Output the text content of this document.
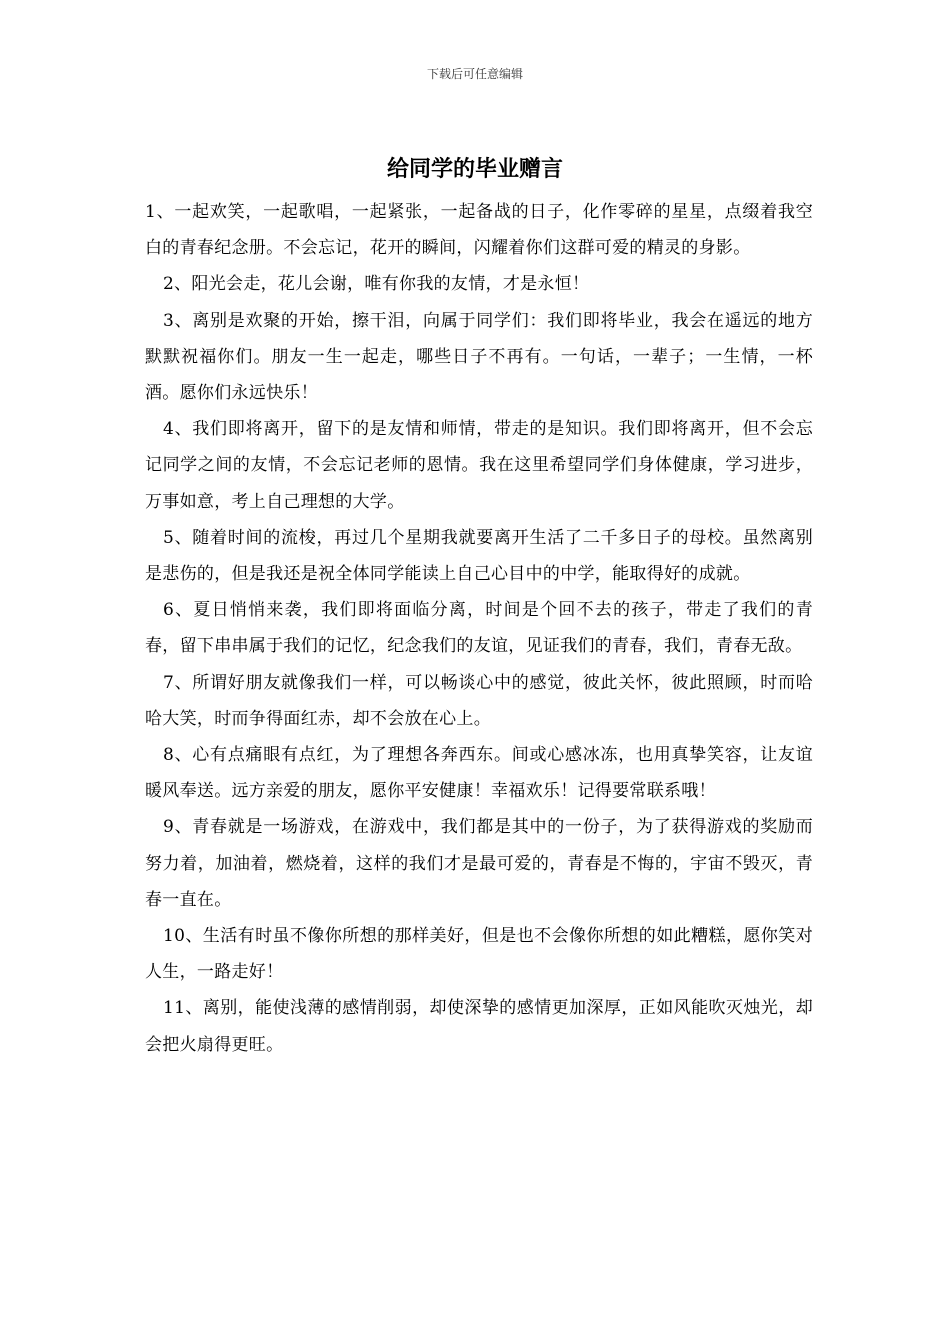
下载后可任意编辑
给同学的毕业赠言

1、一起欢笑，一起歌唱，一起紧张，一起备战的日子，化作零碎的星星，点缀着我空白的青春纪念册。不会忘记，花开的瞬间，闪耀着你们这群可爱的精灵的身影。

2、阳光会走，花儿会谢，唯有你我的友情，才是永恒！

3、离别是欢聚的开始，擦干泪，向属于同学们：我们即将毕业，我会在遥远的地方默默祝福你们。朋友一生一起走，哪些日子不再有。一句话，一辈子；一生情，一杯酒。愿你们永远快乐！

4、我们即将离开，留下的是友情和师情，带走的是知识。我们即将离开，但不会忘记同学之间的友情，不会忘记老师的恩情。我在这里希望同学们身体健康，学习进步，万事如意，考上自己理想的大学。

5、随着时间的流梭，再过几个星期我就要离开生活了二千多日子的母校。虽然离别是悲伤的，但是我还是祝全体同学能读上自己心目中的中学，能取得好的成就。

6、夏日悄悄来袭，我们即将面临分离，时间是个回不去的孩子，带走了我们的青春，留下串串属于我们的记忆，纪念我们的友谊，见证我们的青春，我们，青春无敌。

7、所谓好朋友就像我们一样，可以畅谈心中的感觉，彼此关怀，彼此照顾，时而哈哈大笑，时而争得面红赤，却不会放在心上。

8、心有点痛眼有点红，为了理想各奔西东。间或心感冰冻，也用真挚笑容，让友谊暖风奉送。远方亲爱的朋友，愿你平安健康！幸福欢乐！记得要常联系哦！

9、青春就是一场游戏，在游戏中，我们都是其中的一份子，为了获得游戏的奖励而努力着，加油着，燃烧着，这样的我们才是最可爱的，青春是不悔的，宇宙不毁灭，青春一直在。

10、生活有时虽不像你所想的那样美好，但是也不会像你所想的如此糟糕，愿你笑对人生，一路走好！

11、离别，能使浅薄的感情削弱，却使深挚的感情更加深厚，正如风能吹灭烛光，却会把火扇得更旺。
